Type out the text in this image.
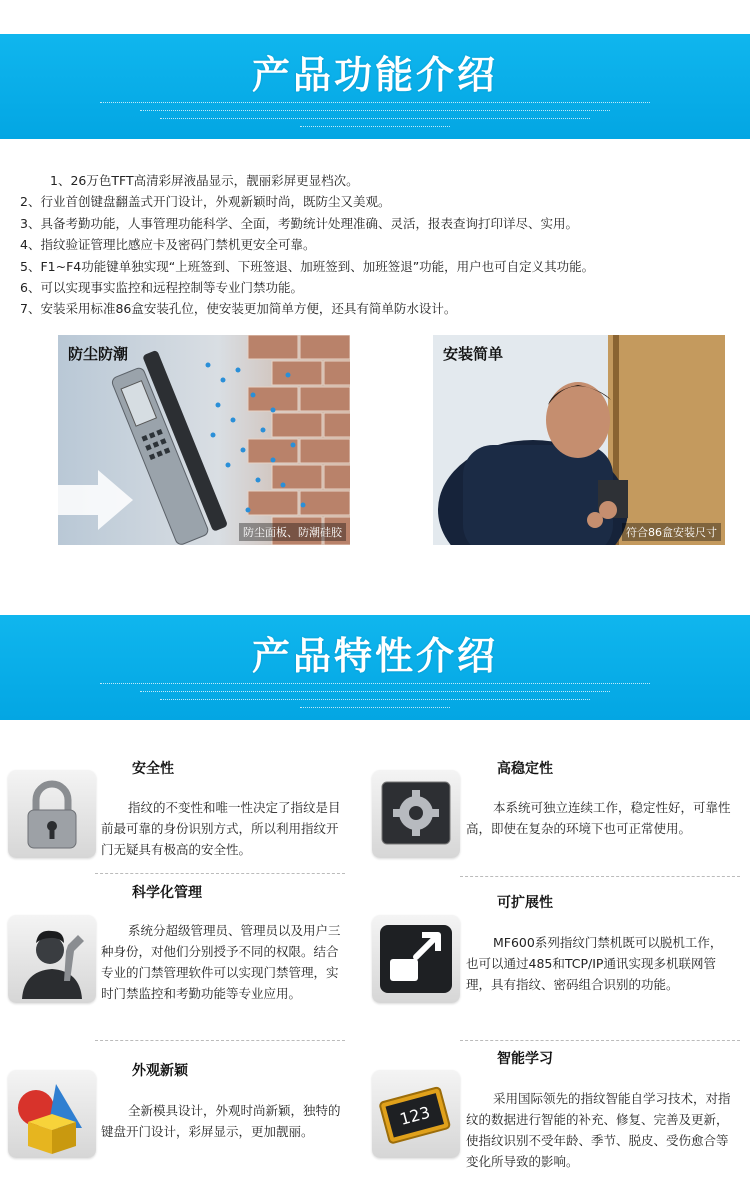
产品功能介绍
1、26万色TFT高清彩屏液晶显示，靓丽彩屏更显档次。
2、行业首创键盘翻盖式开门设计，外观新颖时尚，既防尘又美观。
3、具备考勤功能，人事管理功能科学、全面，考勤统计处理准确、灵活，报表查询打印详尽、实用。
4、指纹验证管理比感应卡及密码门禁机更安全可靠。
5、F1~F4功能键单独实现“上班签到、下班签退、加班签到、加班签退”功能，用户也可自定义其功能。
6、可以实现事实监控和远程控制等专业门禁功能。
7、安装采用标准86盒安装孔位，使安装更加简单方便，还具有简单防水设计。
防尘防潮
防尘面板、防潮硅胶
安装简单
符合86盒安装尺寸
产品特性介绍
安全性
指纹的不变性和唯一性决定了指纹是目前最可靠的身份识别方式，所以利用指纹开门无疑具有极高的安全性。
高稳定性
本系统可独立连续工作，稳定性好，可靠性高，即使在复杂的环境下也可正常使用。
科学化管理
系统分超级管理员、管理员以及用户三种身份，对他们分别授予不同的权限。结合专业的门禁管理软件可以实现门禁管理，实时门禁监控和考勤功能等专业应用。
可扩展性
MF600系列指纹门禁机既可以脱机工作，也可以通过485和TCP/IP通讯实现多机联网管理，具有指纹、密码组合识别的功能。
外观新颖
全新模具设计，外观时尚新颖，独特的键盘开门设计，彩屏显示，更加靓丽。
123
智能学习
采用国际领先的指纹智能自学习技术，对指纹的数据进行智能的补充、修复、完善及更新，使指纹识别不受年龄、季节、脱皮、受伤愈合等变化所导致的影响。
